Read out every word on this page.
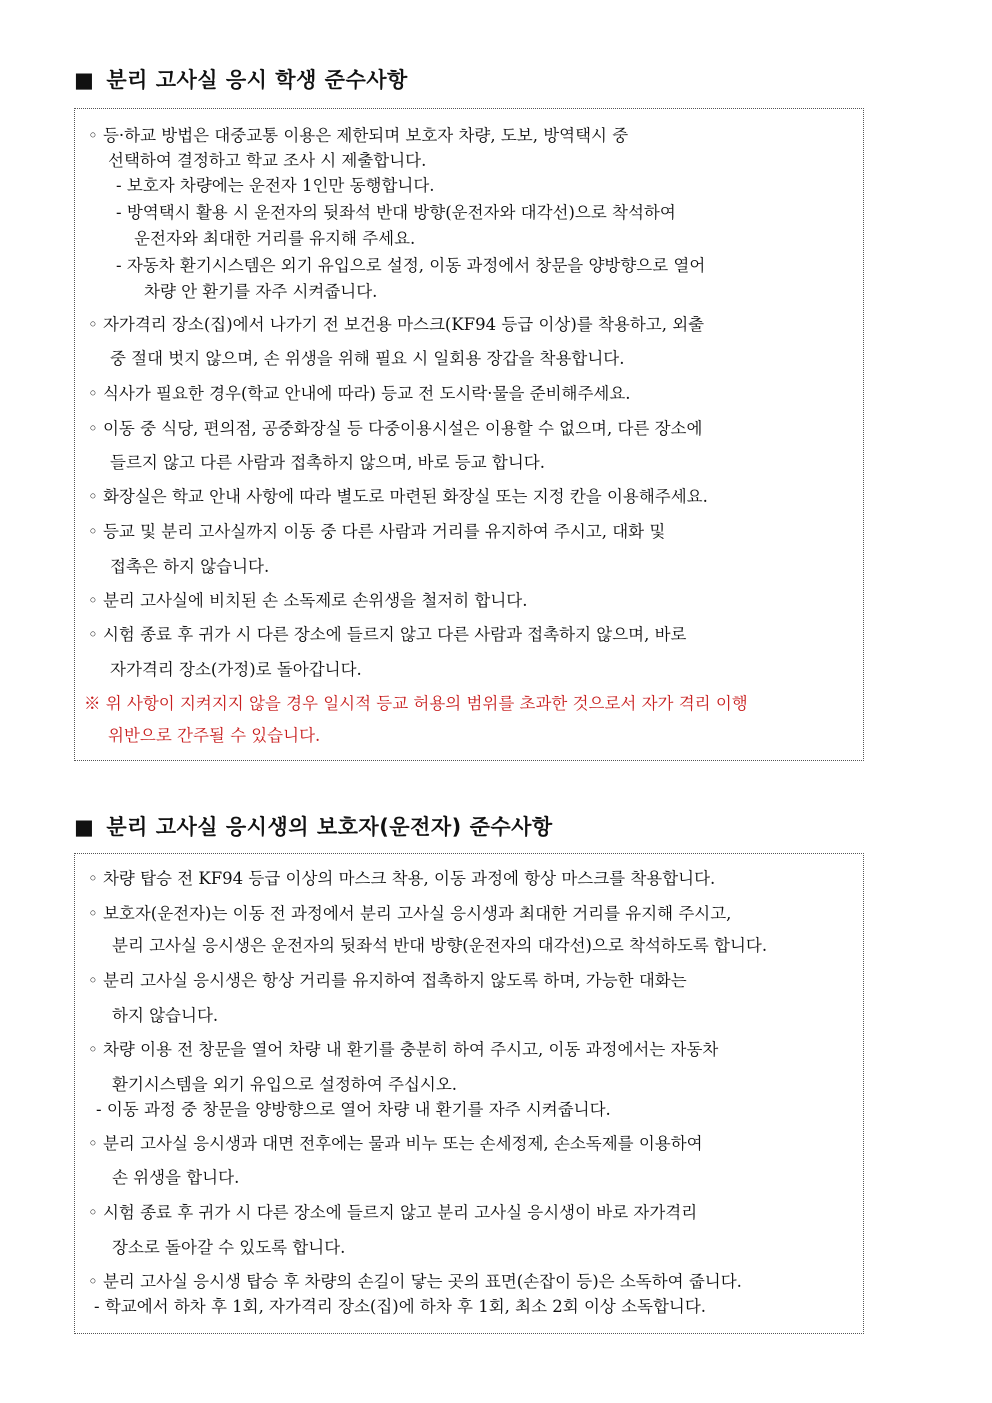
■ 분리 고사실 응시 학생 준수사항
◦ 등·하교 방법은 대중교통 이용은 제한되며 보호자 차량, 도보, 방역택시 중
선택하여 결정하고 학교 조사 시 제출합니다.
- 보호자 차량에는 운전자 1인만 동행합니다.
- 방역택시 활용 시 운전자의 뒷좌석 반대 방향(운전자와 대각선)으로 착석하여
운전자와 최대한 거리를 유지해 주세요.
- 자동차 환기시스템은 외기 유입으로 설정, 이동 과정에서 창문을 양방향으로 열어
차량 안 환기를 자주 시켜줍니다.
◦ 자가격리 장소(집)에서 나가기 전 보건용 마스크(KF94 등급 이상)를 착용하고, 외출
중 절대 벗지 않으며, 손 위생을 위해 필요 시 일회용 장갑을 착용합니다.
◦ 식사가 필요한 경우(학교 안내에 따라) 등교 전 도시락·물을 준비해주세요.
◦ 이동 중 식당, 편의점, 공중화장실 등 다중이용시설은 이용할 수 없으며, 다른 장소에
들르지 않고 다른 사람과 접촉하지 않으며, 바로 등교 합니다.
◦ 화장실은 학교 안내 사항에 따라 별도로 마련된 화장실 또는 지정 칸을 이용해주세요.
◦ 등교 및 분리 고사실까지 이동 중 다른 사람과 거리를 유지하여 주시고, 대화 및
접촉은 하지 않습니다.
◦ 분리 고사실에 비치된 손 소독제로 손위생을 철저히 합니다.
◦ 시험 종료 후 귀가 시 다른 장소에 들르지 않고 다른 사람과 접촉하지 않으며, 바로
자가격리 장소(가정)로 돌아갑니다.
※ 위 사항이 지켜지지 않을 경우 일시적 등교 허용의 범위를 초과한 것으로서 자가 격리 이행
위반으로 간주될 수 있습니다.
■ 분리 고사실 응시생의 보호자(운전자) 준수사항
◦ 차량 탑승 전 KF94 등급 이상의 마스크 착용, 이동 과정에 항상 마스크를 착용합니다.
◦ 보호자(운전자)는 이동 전 과정에서 분리 고사실 응시생과 최대한 거리를 유지해 주시고,
분리 고사실 응시생은 운전자의 뒷좌석 반대 방향(운전자의 대각선)으로 착석하도록 합니다.
◦ 분리 고사실 응시생은 항상 거리를 유지하여 접촉하지 않도록 하며, 가능한 대화는
하지 않습니다.
◦ 차량 이용 전 창문을 열어 차량 내 환기를 충분히 하여 주시고, 이동 과정에서는 자동차
환기시스템을 외기 유입으로 설정하여 주십시오.
- 이동 과정 중 창문을 양방향으로 열어 차량 내 환기를 자주 시켜줍니다.
◦ 분리 고사실 응시생과 대면 전후에는 물과 비누 또는 손세정제, 손소독제를 이용하여
손 위생을 합니다.
◦ 시험 종료 후 귀가 시 다른 장소에 들르지 않고 분리 고사실 응시생이 바로 자가격리
장소로 돌아갈 수 있도록 합니다.
◦ 분리 고사실 응시생 탑승 후 차량의 손길이 닿는 곳의 표면(손잡이 등)은 소독하여 줍니다.
- 학교에서 하차 후 1회, 자가격리 장소(집)에 하차 후 1회, 최소 2회 이상 소독합니다.
